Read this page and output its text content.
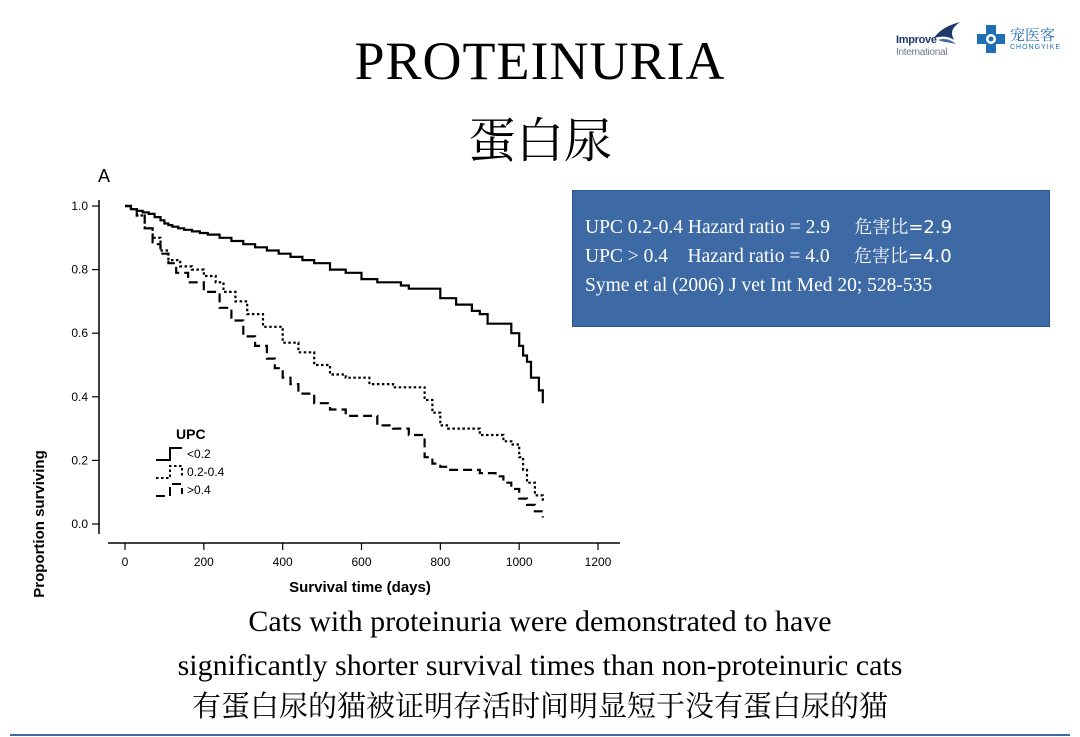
PROTEINURIA
蛋白尿
Improve
International
宠医客
CHONGYIKE
UPC 0.2-0.4 Hazard ratio = 2.9 危害比=2.9
UPC > 0.4    Hazard ratio = 4.0 危害比=4.0
Syme et al (2006) J vet Int Med 20; 528-535
0.0
0.2
0.4
0.6
0.8
1.0
0	200	400	600	800	1000	1200
UPC
<0.2
0.2-0.4
>0.4
A
Survival time (days)
Proportion surviving
Cats with proteinuria were demonstrated to have
significantly shorter survival times than non-proteinuric cats
有蛋白尿的猫被证明存活时间明显短于没有蛋白尿的猫
